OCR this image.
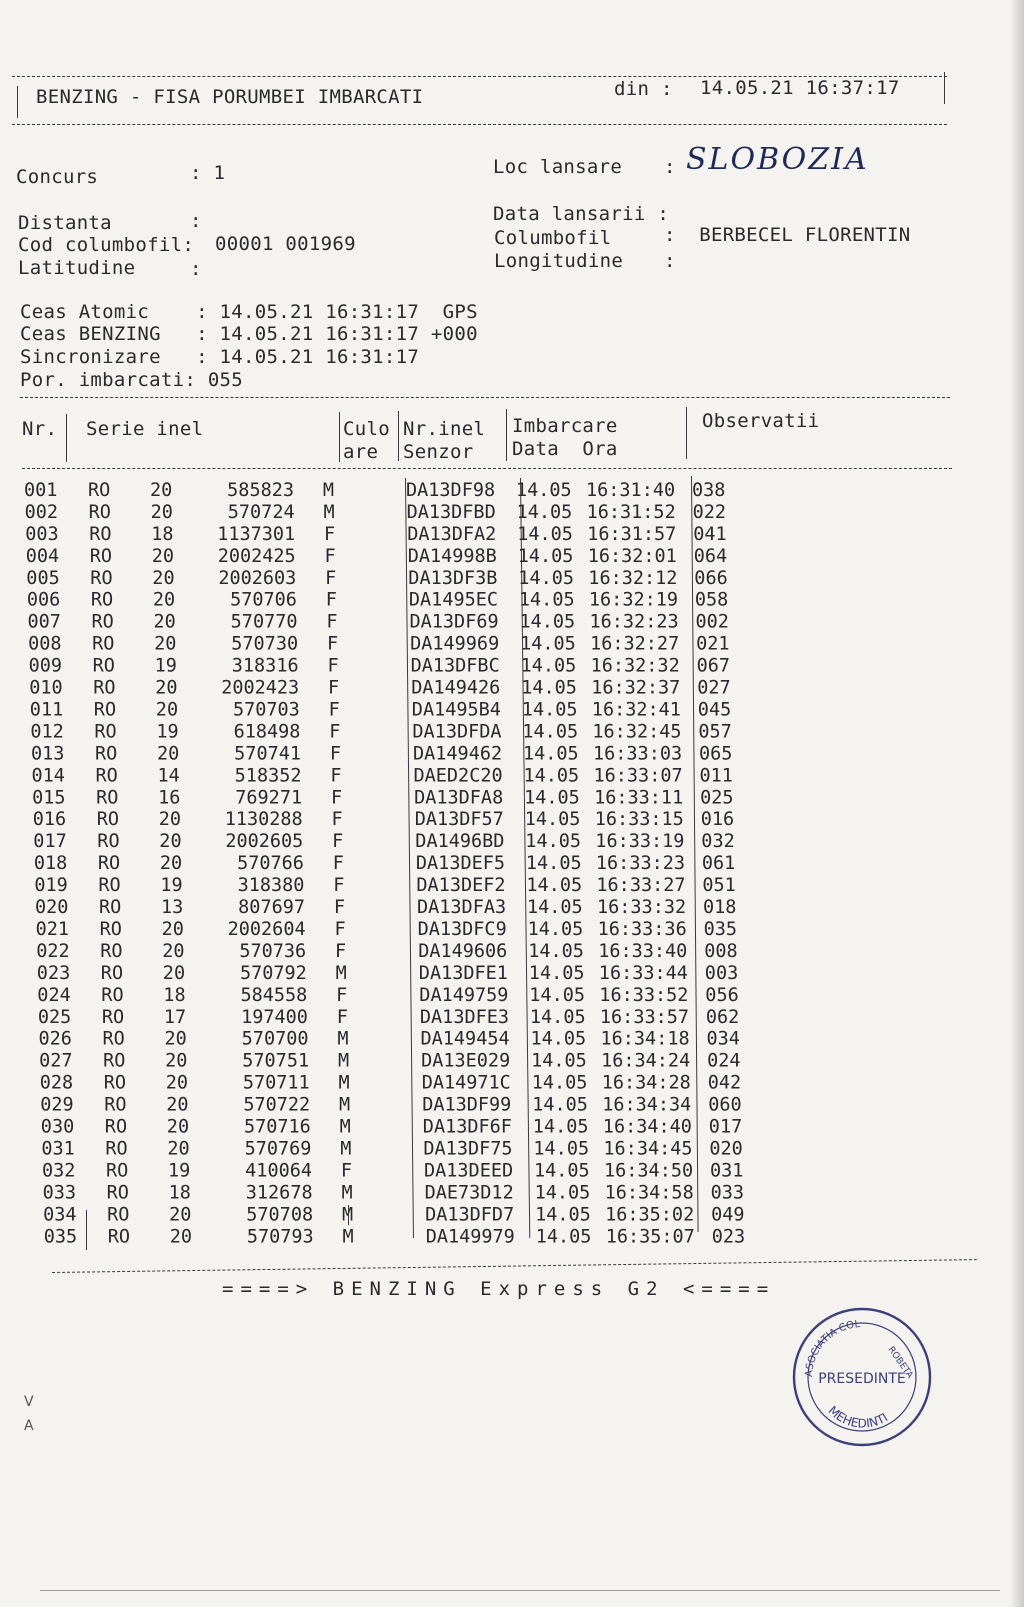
BENZING - FISA PORUMBEI IMBARCATI	din : 14.05.21 16:37:17
Concurs	: 1	Loc lansare : SLOBOZIA
Distanta	:	Data lansarii :
Cod columbofil: 00001 001969	Columbofil	:  BERBECEL FLORENTIN
Latitudine	:	Longitudine :
Ceas Atomic    : 14.05.21 16:31:17  GPS
Ceas BENZING   : 14.05.21 16:31:17 +000
Sincronizare   : 14.05.21 16:31:17
Por. imbarcati: 055
Nr. Serie inel	Culo
are
Nr.inel
Senzor
Imbarcare
Data  Ora
Observatii
001	RO	20	585823	M		DA13DF98	14.05	16:31:40	038
002	RO	20	570724	M		DA13DFBD	14.05	16:31:52	022
003	RO	18	1137301	F		DA13DFA2	14.05	16:31:57	041
004	RO	20	2002425	F		DA14998B	14.05	16:32:01	064
005	RO	20	2002603	F		DA13DF3B	14.05	16:32:12	066
006	RO	20	570706	F		DA1495EC	14.05	16:32:19	058
007	RO	20	570770	F		DA13DF69	14.05	16:32:23	002
008	RO	20	570730	F		DA149969	14.05	16:32:27	021
009	RO	19	318316	F		DA13DFBC	14.05	16:32:32	067
010	RO	20	2002423	F		DA149426	14.05	16:32:37	027
011	RO	20	570703	F		DA1495B4	14.05	16:32:41	045
012	RO	19	618498	F		DA13DFDA	14.05	16:32:45	057
013	RO	20	570741	F		DA149462	14.05	16:33:03	065
014	RO	14	518352	F		DAED2C20	14.05	16:33:07	011
015	RO	16	769271	F		DA13DFA8	14.05	16:33:11	025
016	RO	20	1130288	F		DA13DF57	14.05	16:33:15	016
017	RO	20	2002605	F		DA1496BD	14.05	16:33:19	032
018	RO	20	570766	F		DA13DEF5	14.05	16:33:23	061
019	RO	19	318380	F		DA13DEF2	14.05	16:33:27	051
020	RO	13	807697	F		DA13DFA3	14.05	16:33:32	018
021	RO	20	2002604	F		DA13DFC9	14.05	16:33:36	035
022	RO	20	570736	F		DA149606	14.05	16:33:40	008
023	RO	20	570792	M		DA13DFE1	14.05	16:33:44	003
024	RO	18	584558	F		DA149759	14.05	16:33:52	056
025	RO	17	197400	F		DA13DFE3	14.05	16:33:57	062
026	RO	20	570700	M		DA149454	14.05	16:34:18	034
027	RO	20	570751	M		DA13E029	14.05	16:34:24	024
028	RO	20	570711	M		DA14971C	14.05	16:34:28	042
029	RO	20	570722	M		DA13DF99	14.05	16:34:34	060
030	RO	20	570716	M		DA13DF6F	14.05	16:34:40	017
031	RO	20	570769	M		DA13DF75	14.05	16:34:45	020
032	RO	19	410064	F		DA13DEED	14.05	16:34:50	031
033	RO	18	312678	M		DAE73D12	14.05	16:34:58	033
034	RO	20	570708	M		DA13DFD7	14.05	16:35:02	049
035	RO	20	570793	M		DA149979	14.05	16:35:07	023
====> BENZING Express G2 <====
ASOCIATIA COL
ROBETA
PRESEDINTE
MEHEDINTI
V
A
